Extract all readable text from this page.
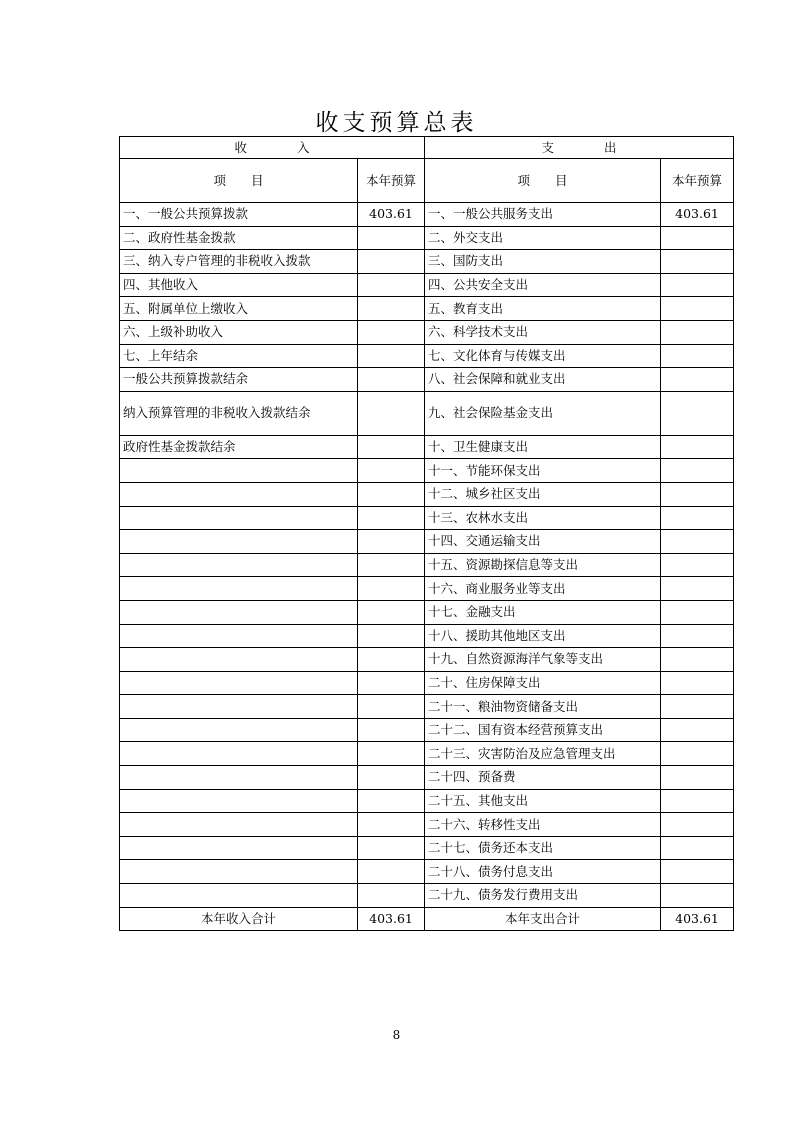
收支预算总表
收　　　　入		支　　　　出	
项　　目	本年预算	项　　目	本年预算
一、一般公共预算拨款	403.61	一、一般公共服务支出	403.61
二、政府性基金拨款		二、外交支出	
三、纳入专户管理的非税收入拨款		三、国防支出	
四、其他收入		四、公共安全支出	
五、附属单位上缴收入		五、教育支出	
六、上级补助收入		六、科学技术支出	
七、上年结余		七、文化体育与传媒支出	
一般公共预算拨款结余		八、社会保障和就业支出	
纳入预算管理的非税收入拨款结余		九、社会保险基金支出	
政府性基金拨款结余		十、卫生健康支出	
		十一、节能环保支出	
		十二、城乡社区支出	
		十三、农林水支出	
		十四、交通运输支出	
		十五、资源勘探信息等支出	
		十六、商业服务业等支出	
		十七、金融支出	
		十八、援助其他地区支出	
		十九、自然资源海洋气象等支出	
		二十、住房保障支出	
		二十一、粮油物资储备支出	
		二十二、国有资本经营预算支出	
		二十三、灾害防治及应急管理支出	
		二十四、预备费	
		二十五、其他支出	
		二十六、转移性支出	
		二十七、债务还本支出	
		二十八、债务付息支出	
		二十九、债务发行费用支出	
本年收入合计	403.61	本年支出合计	403.61
8
